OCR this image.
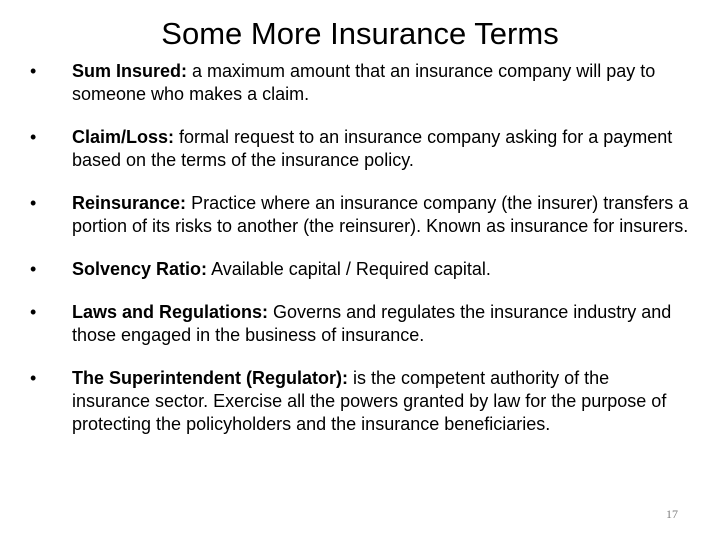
Some More Insurance Terms
•	Sum Insured: a maximum amount that an insurance company will pay to someone who makes a claim.
•	Claim/Loss: formal request to an insurance company asking for a payment based on the terms of the insurance policy.
•	Reinsurance: Practice where an insurance company (the insurer) transfers a portion of its risks to another (the reinsurer). Known as insurance for insurers.
•	Solvency Ratio: Available capital / Required capital.
•	Laws and Regulations: Governs and regulates the insurance industry and those engaged in the business of insurance.
•	The Superintendent (Regulator): is the competent authority of the insurance sector. Exercise all the powers granted by law for the purpose of protecting the policyholders and the insurance beneficiaries.
17
